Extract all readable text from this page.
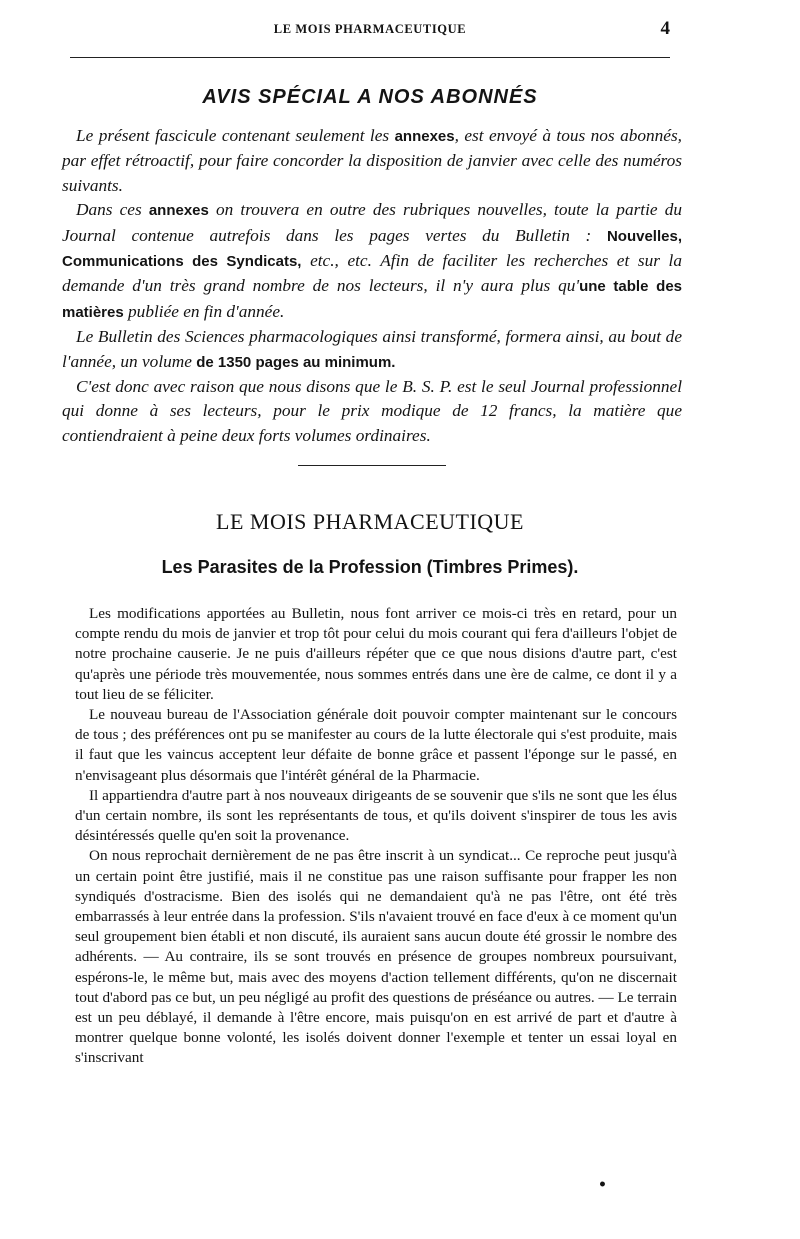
LE MOIS PHARMACEUTIQUE	4
AVIS SPÉCIAL A NOS ABONNÉS

Le présent fascicule contenant seulement les annexes, est envoyé à tous nos abonnés, par effet rétroactif, pour faire concorder la disposition de janvier avec celle des numéros suivants.

Dans ces annexes on trouvera en outre des rubriques nouvelles, toute la partie du Journal contenue autrefois dans les pages vertes du Bulletin : Nouvelles, Communications des Syndicats, etc., etc. Afin de faciliter les recherches et sur la demande d'un très grand nombre de nos lecteurs, il n'y aura plus qu'une table des matières publiée en fin d'année.

Le Bulletin des Sciences pharmacologiques ainsi transformé, formera ainsi, au bout de l'année, un volume de 1350 pages au minimum.

C'est donc avec raison que nous disons que le B. S. P. est le seul Journal professionnel qui donne à ses lecteurs, pour le prix modique de 12 francs, la matière que contiendraient à peine deux forts volumes ordinaires.

LE MOIS PHARMACEUTIQUE
Les Parasites de la Profession (Timbres Primes).

Les modifications apportées au Bulletin, nous font arriver ce mois-ci très en retard, pour un compte rendu du mois de janvier et trop tôt pour celui du mois courant qui fera d'ailleurs l'objet de notre prochaine causerie. Je ne puis d'ailleurs répéter que ce que nous disions d'autre part, c'est qu'après une période très mouvementée, nous sommes entrés dans une ère de calme, ce dont il y a tout lieu de se féliciter.

Le nouveau bureau de l'Association générale doit pouvoir compter maintenant sur le concours de tous ; des préférences ont pu se manifester au cours de la lutte électorale qui s'est produite, mais il faut que les vaincus acceptent leur défaite de bonne grâce et passent l'éponge sur le passé, en n'envisageant plus désormais que l'intérêt général de la Pharmacie.

Il appartiendra d'autre part à nos nouveaux dirigeants de se souvenir que s'ils ne sont que les élus d'un certain nombre, ils sont les représentants de tous, et qu'ils doivent s'inspirer de tous les avis désintéressés quelle qu'en soit la provenance.

On nous reprochait dernièrement de ne pas être inscrit à un syndicat... Ce reproche peut jusqu'à un certain point être justifié, mais il ne constitue pas une raison suffisante pour frapper les non syndiqués d'ostracisme. Bien des isolés qui ne demandaient qu'à ne pas l'être, ont été très embarrassés à leur entrée dans la profession. S'ils n'avaient trouvé en face d'eux à ce moment qu'un seul groupement bien établi et non discuté, ils auraient sans aucun doute été grossir le nombre des adhérents. — Au contraire, ils se sont trouvés en présence de groupes nombreux poursuivant, espérons-le, le même but, mais avec des moyens d'action tellement différents, qu'on ne discernait tout d'abord pas ce but, un peu négligé au profit des questions de préséance ou autres. — Le terrain est un peu déblayé, il demande à l'être encore, mais puisqu'on en est arrivé de part et d'autre à montrer quelque bonne volonté, les isolés doivent donner l'exemple et tenter un essai loyal en s'inscrivant

•
